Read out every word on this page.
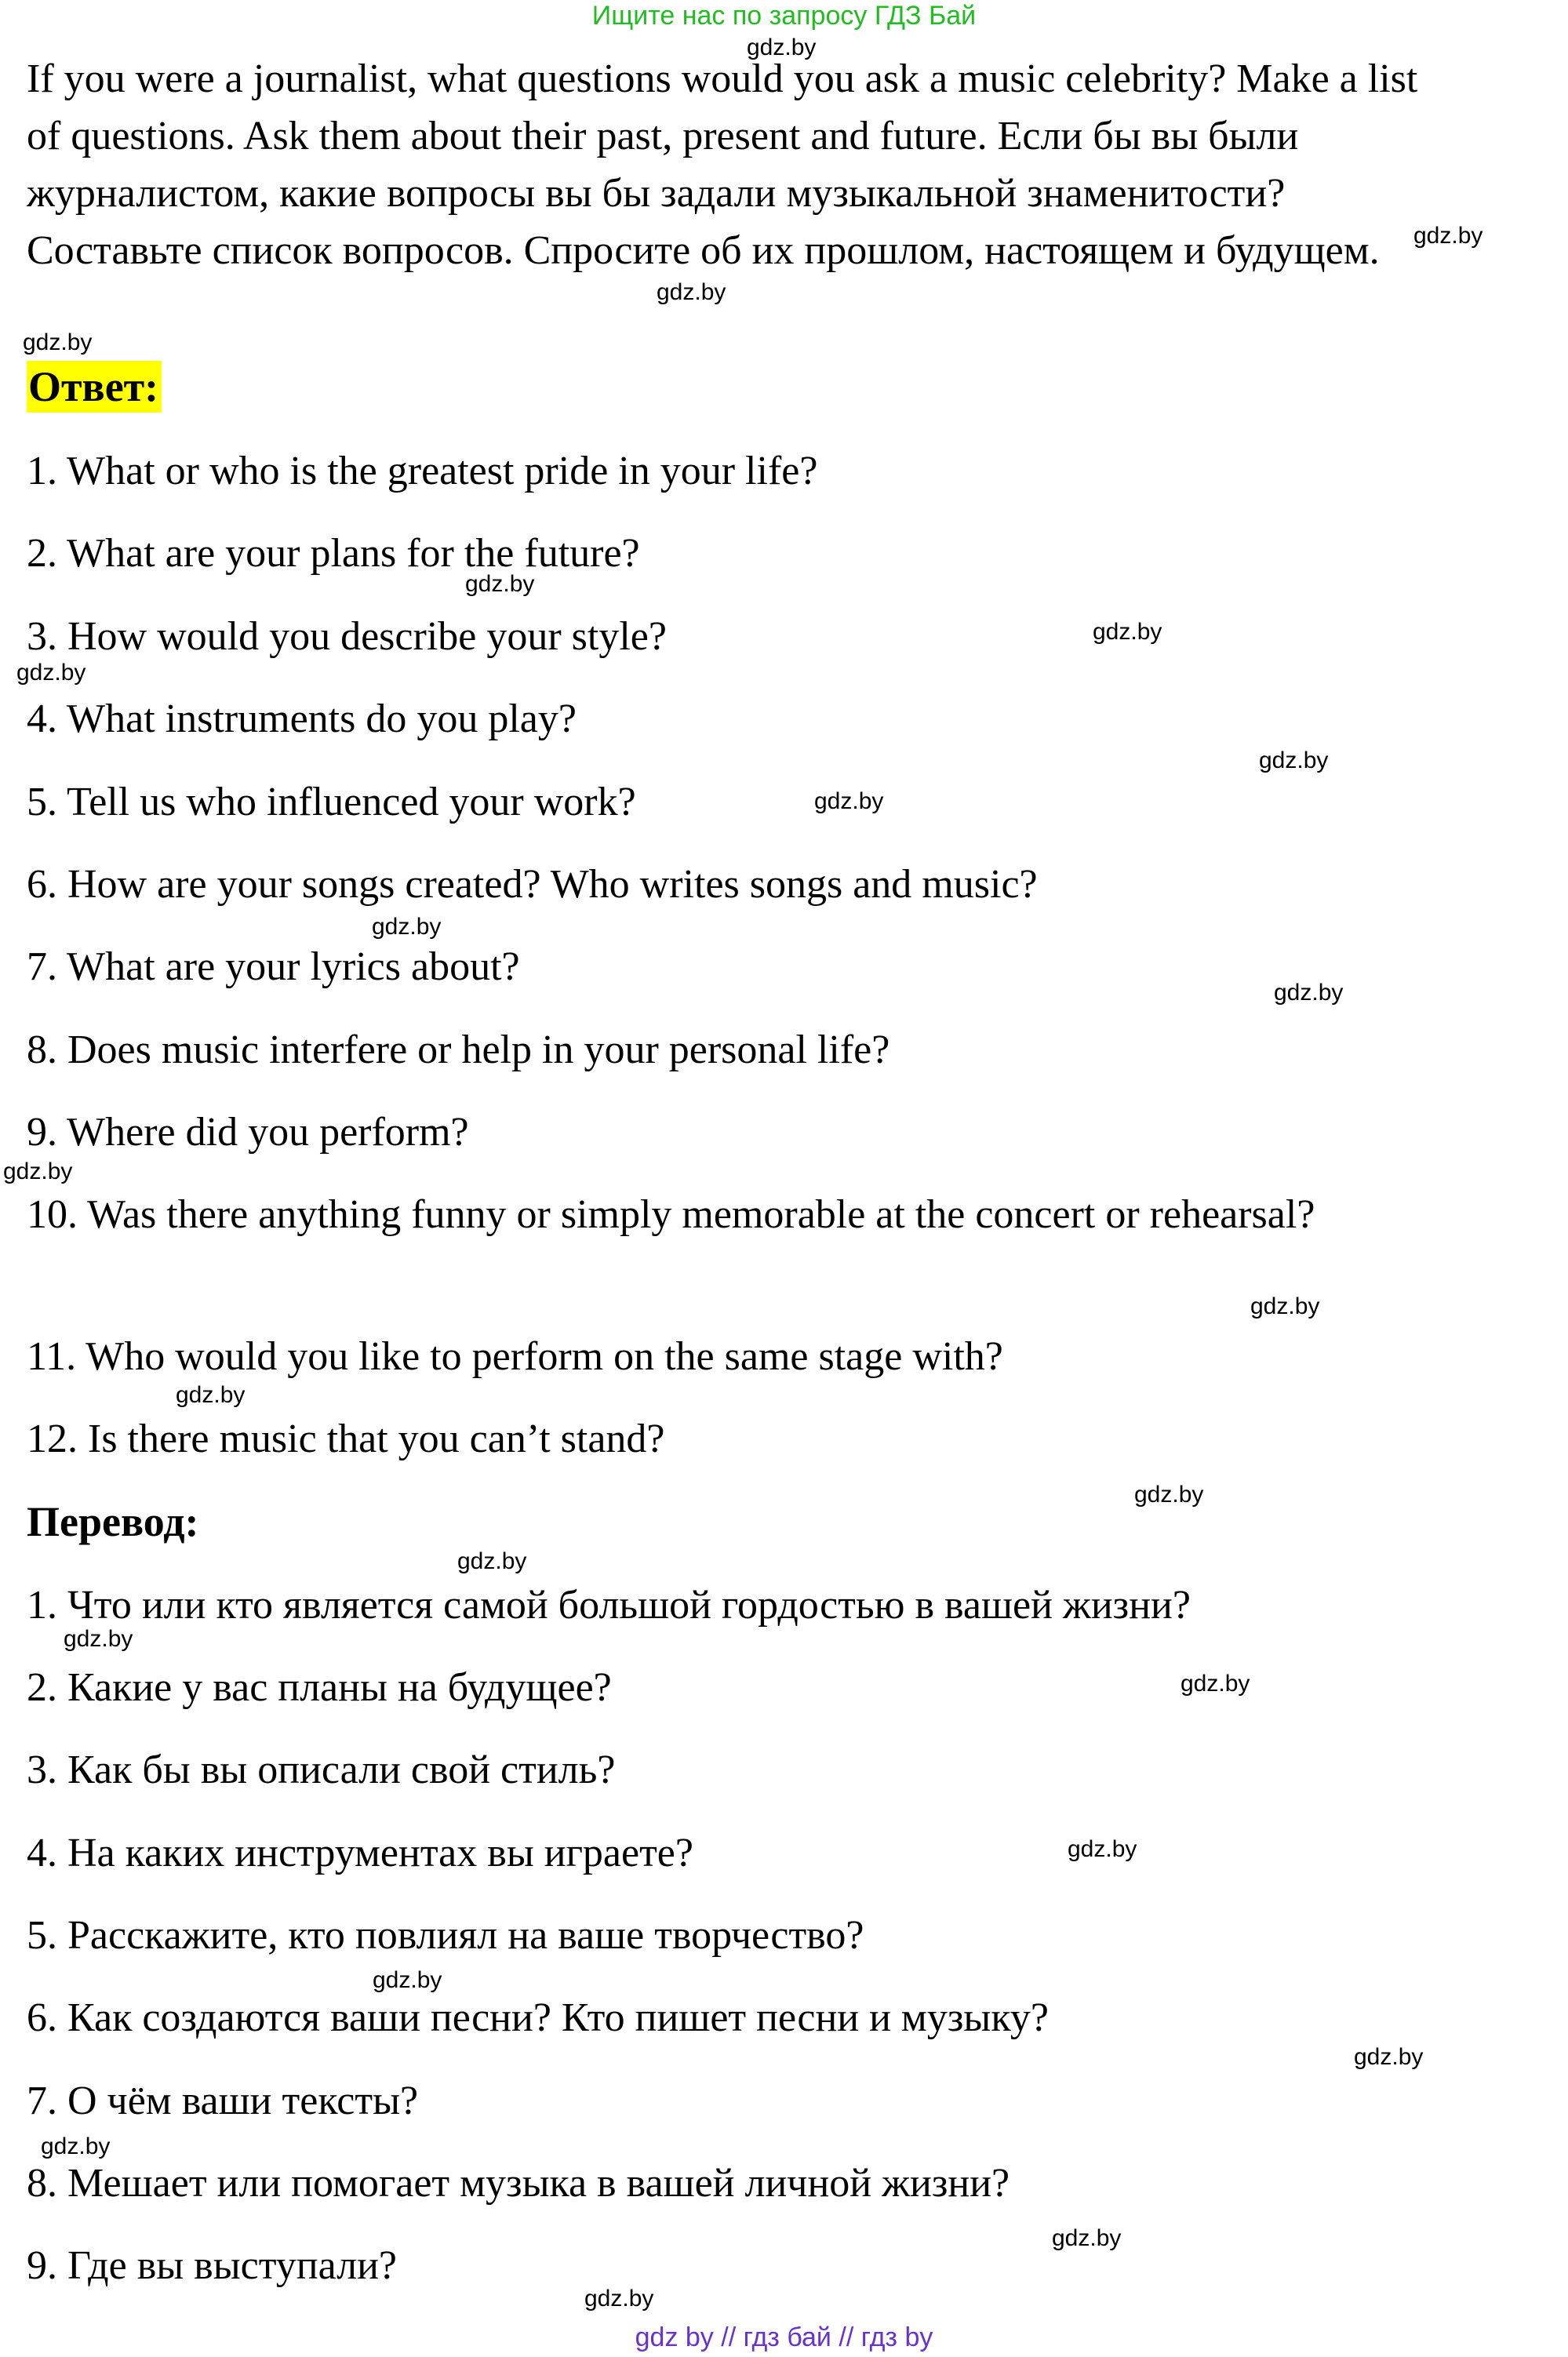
Ищите нас по запросу ГДЗ Бай

If you were a journalist, what questions would you ask a music celebrity? Make a list of questions. Ask them about their past, present and future. Если бы вы были журналистом, какие вопросы вы бы задали музыкальной знаменитости? Составьте список вопросов. Спросите об их прошлом, настоящем и будущем.

Ответ:

1. What or who is the greatest pride in your life?

2. What are your plans for the future?

3. How would you describe your style?

4. What instruments do you play?

5. Tell us who influenced your work?

6. How are your songs created? Who writes songs and music?

7. What are your lyrics about?

8. Does music interfere or help in your personal life?

9. Where did you perform?

10. Was there anything funny or simply memorable at the concert or rehearsal?

11. Who would you like to perform on the same stage with?

12. Is there music that you can’t stand?

Перевод:

1. Что или кто является самой большой гордостью в вашей жизни?

2. Какие у вас планы на будущее?

3. Как бы вы описали свой стиль?

4. На каких инструментах вы играете?

5. Расскажите, кто повлиял на ваше творчество?

6. Как создаются ваши песни? Кто пишет песни и музыку?

7. О чём ваши тексты?

8. Мешает или помогает музыка в вашей личной жизни?

9. Где вы выступали?

gdz.by
gdz.by
gdz.by
gdz.by
gdz.by
gdz.by
gdz.by
gdz.by
gdz.by
gdz.by
gdz.by
gdz.by
gdz.by
gdz.by
gdz.by
gdz.by
gdz.by
gdz.by
gdz.by
gdz.by
gdz.by
gdz.by
gdz.by
gdz.by
gdz by // гдз бай // гдз by
